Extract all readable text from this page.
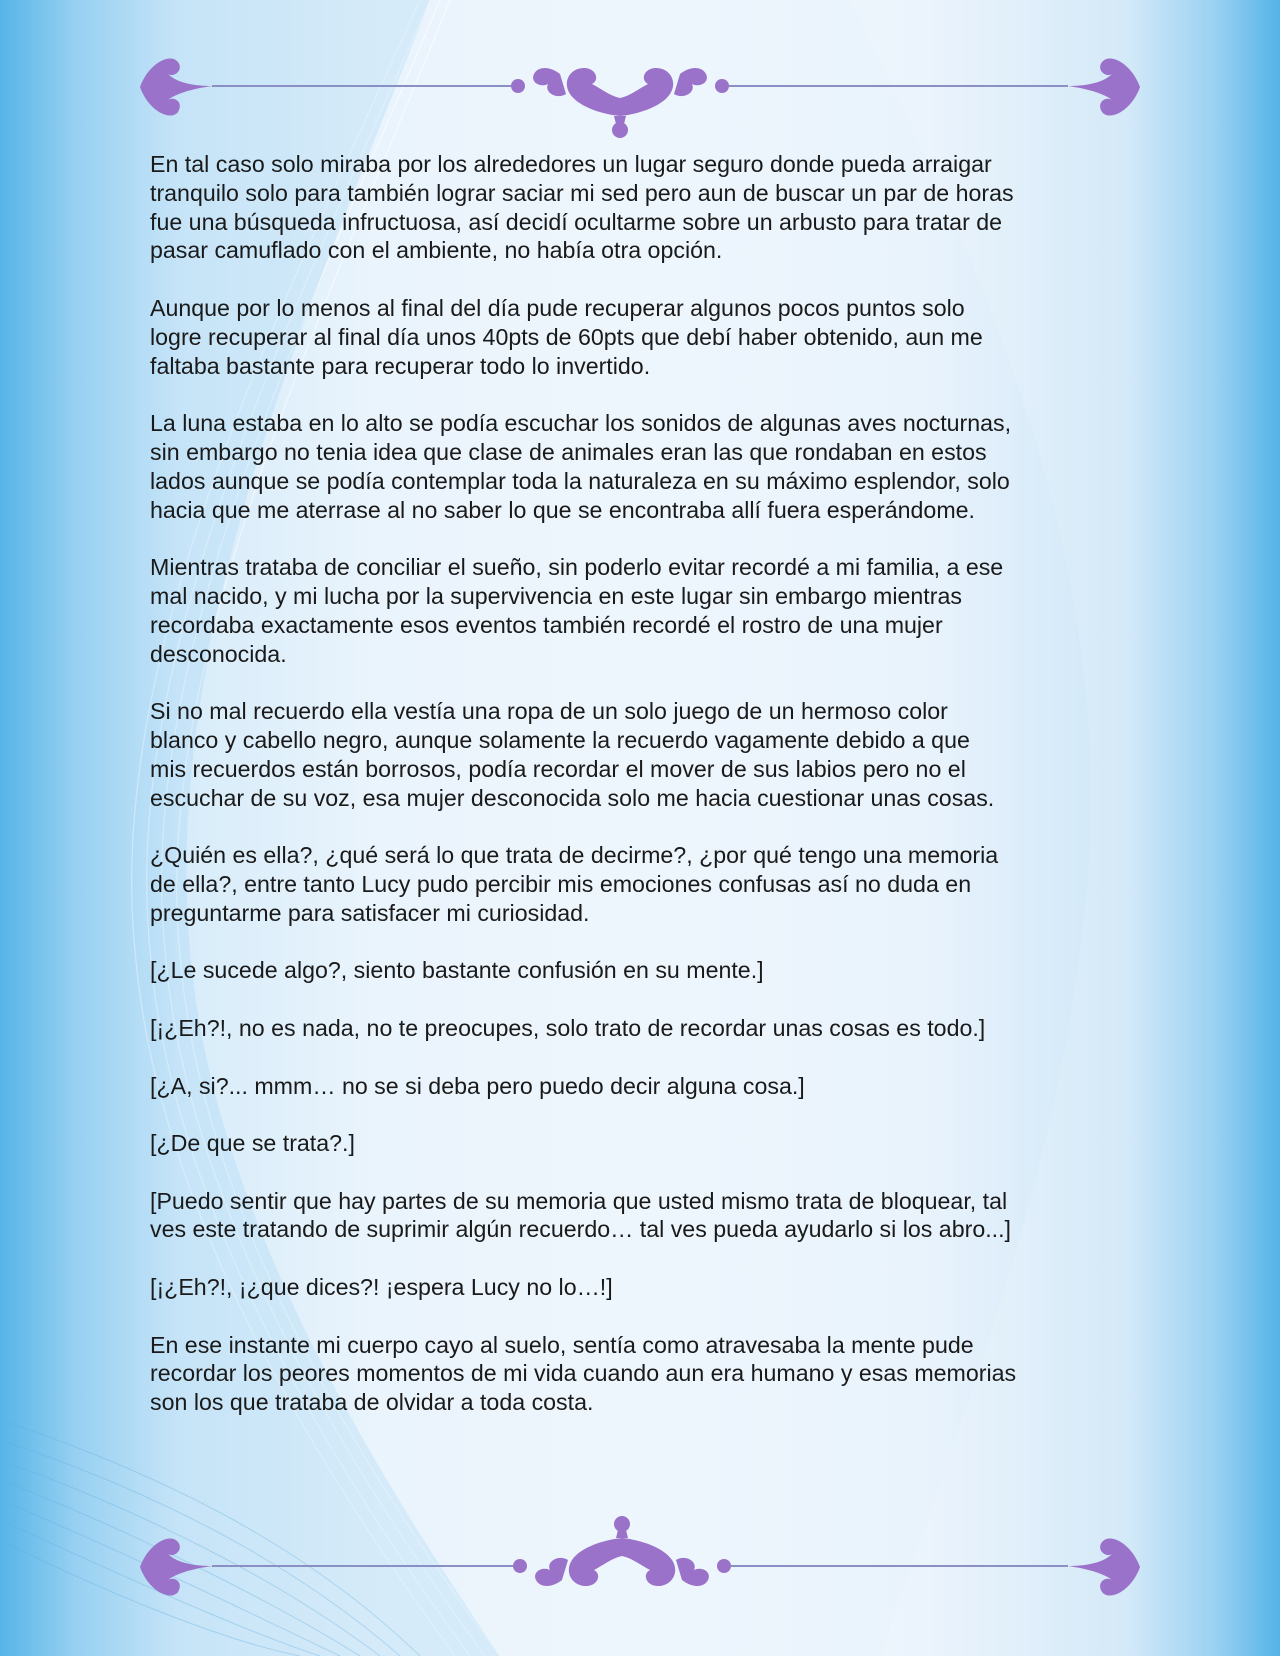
En tal caso solo miraba por los alrededores un lugar seguro donde pueda arraigar
tranquilo solo para también lograr saciar mi sed pero aun de buscar un par de horas
fue una búsqueda infructuosa, así decidí ocultarme sobre un arbusto para tratar de
pasar camuflado con el ambiente, no había otra opción.

Aunque por lo menos al final del día pude recuperar algunos pocos puntos solo
logre recuperar al final día unos 40pts de 60pts que debí haber obtenido, aun me
faltaba bastante para recuperar todo lo invertido.

La luna estaba en lo alto se podía escuchar los sonidos de algunas aves nocturnas,
sin embargo no tenia idea que clase de animales eran las que rondaban en estos
lados aunque se podía contemplar toda la naturaleza en su máximo esplendor, solo
hacia que me aterrase al no saber lo que se encontraba allí fuera esperándome.

Mientras trataba de conciliar el sueño, sin poderlo evitar recordé a mi familia, a ese
mal nacido, y mi lucha por la supervivencia en este lugar sin embargo mientras
recordaba exactamente esos eventos también recordé el rostro de una mujer
desconocida.

Si no mal recuerdo ella vestía una ropa de un solo juego de un hermoso color
blanco y cabello negro, aunque solamente la recuerdo vagamente debido a que
mis recuerdos están borrosos, podía recordar el mover de sus labios pero no el
escuchar de su voz, esa mujer desconocida solo me hacia cuestionar unas cosas.

¿Quién es ella?, ¿qué será lo que trata de decirme?, ¿por qué tengo una memoria
de ella?, entre tanto Lucy pudo percibir mis emociones confusas así no duda en
preguntarme para satisfacer mi curiosidad.

[¿Le sucede algo?, siento bastante confusión en su mente.]

[¡¿Eh?!, no es nada, no te preocupes, solo trato de recordar unas cosas es todo.]

[¿A, si?... mmm… no se si deba pero puedo decir alguna cosa.]

[¿De que se trata?.]

[Puedo sentir que hay partes de su memoria que usted mismo trata de bloquear, tal
ves este tratando de suprimir algún recuerdo… tal ves pueda ayudarlo si los abro...]

[¡¿Eh?!, ¡¿que dices?! ¡espera Lucy no lo…!]

En ese instante mi cuerpo cayo al suelo, sentía como atravesaba la mente pude
recordar los peores momentos de mi vida cuando aun era humano y esas memorias
son los que trataba de olvidar a toda costa.
